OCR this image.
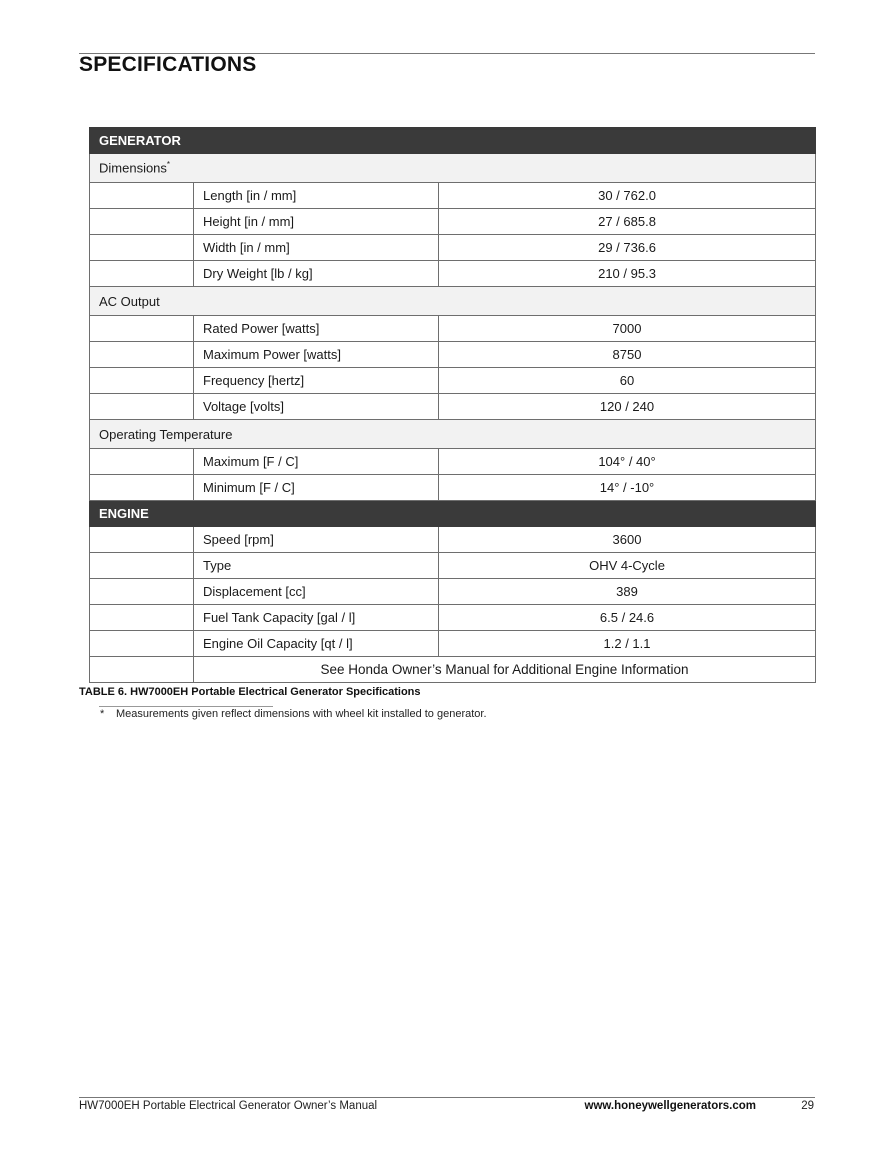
SPECIFICATIONS
GENERATOR		
Dimensions*
	Length [in / mm]	30 / 762.0
	Height [in / mm]	27 / 685.8
	Width [in / mm]	29 / 736.6
	Dry Weight [lb / kg]	210 / 95.3
AC Output		
	Rated Power [watts]	7000
	Maximum Power [watts]	8750
	Frequency [hertz]	60
	Voltage [volts]	120 / 240
Operating Temperature		
	Maximum [F / C]	104° / 40°
	Minimum [F / C]	14° / -10°
ENGINE		
	Speed [rpm]	3600
	Type	OHV 4-Cycle
	Displacement [cc]	389
	Fuel Tank Capacity [gal / l]	6.5 / 24.6
	Engine Oil Capacity [qt / l]	1.2 / 1.1
	See Honda Owner’s Manual for Additional Engine Information	

TABLE 6. HW7000EH Portable Electrical Generator Specifications

* Measurements given reflect dimensions with wheel kit installed to generator.

HW7000EH Portable Electrical Generator Owner’s Manual	www.honeywellgenerators.com	29
